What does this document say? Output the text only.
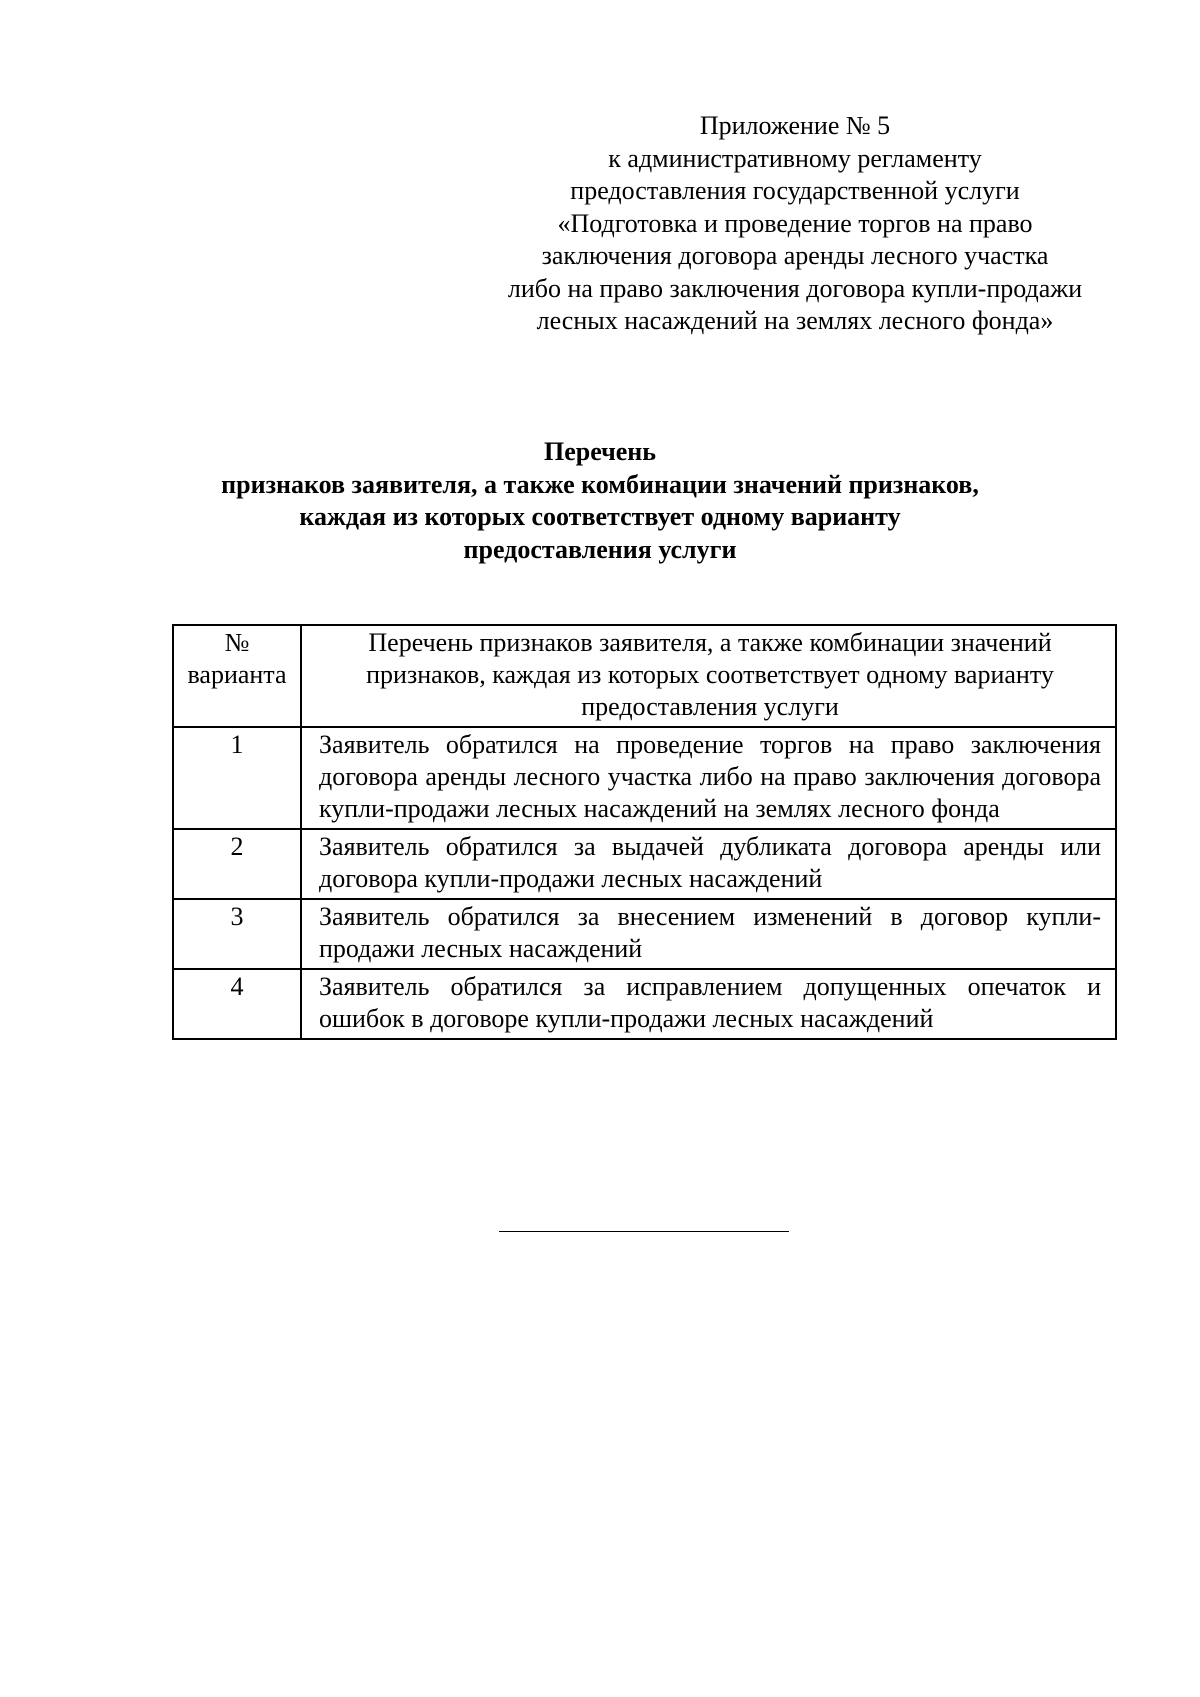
Приложение № 5
к административному регламенту
предоставления государственной услуги
«Подготовка и проведение торгов на право
заключения договора аренды лесного участка
либо на право заключения договора купли-продажи
лесных насаждений на землях лесного фонда»
Перечень
признаков заявителя, а также комбинации значений признаков,
каждая из которых соответствует одному варианту
предоставления услуги
№ варианта	Перечень признаков заявителя, а также комбинации значений признаков, каждая из которых соответствует одному варианту предоставления услуги
1	Заявитель обратился на проведение торгов на право заключения договора аренды лесного участка либо на право заключения договора купли-продажи лесных насаждений на землях лесного фонда
2	Заявитель обратился за выдачей дубликата договора аренды или договора купли-продажи лесных насаждений
3	Заявитель обратился за внесением изменений в договор купли-продажи лесных насаждений
4	Заявитель обратился за исправлением допущенных опечаток и ошибок в договоре купли-продажи лесных насаждений
